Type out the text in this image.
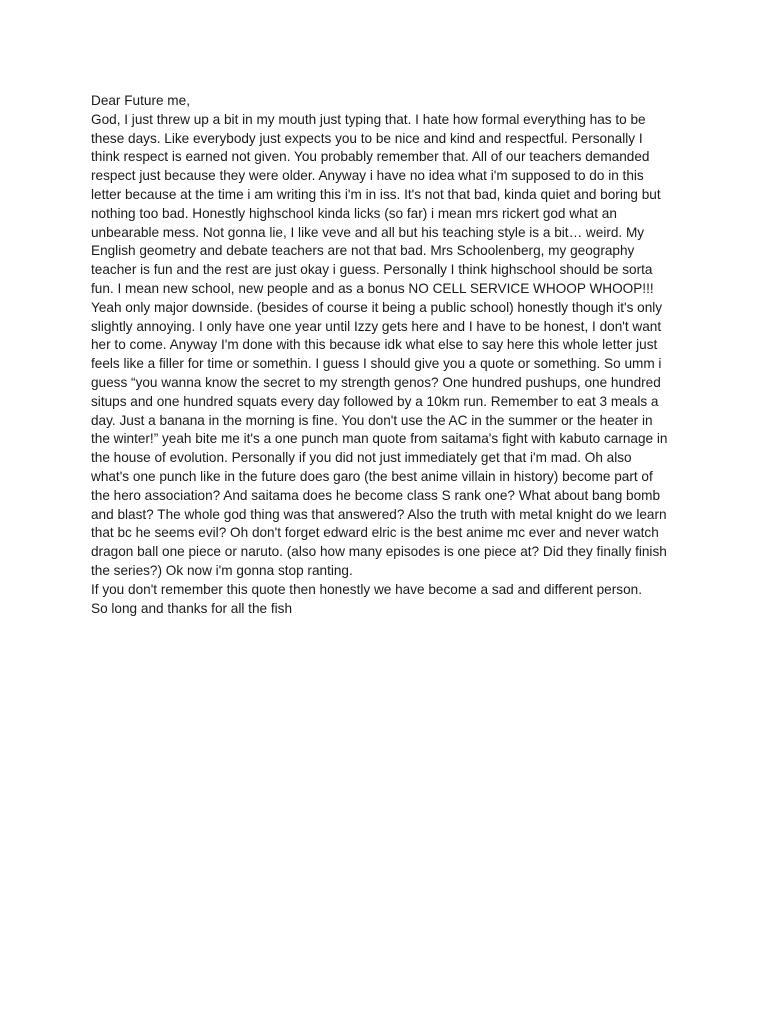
Dear Future me,

God, I just threw up a bit in my mouth just typing that. I hate how formal everything has to be

these days. Like everybody just expects you to be nice and kind and respectful. Personally I

think respect is earned not given. You probably remember that. All of our teachers demanded

respect just because they were older. Anyway i have no idea what i'm supposed to do in this

letter because at the time i am writing this i'm in iss. It's not that bad, kinda quiet and boring but

nothing too bad. Honestly highschool kinda licks (so far) i mean mrs rickert god what an

unbearable mess. Not gonna lie, I like veve and all but his teaching style is a bit… weird. My

English geometry and debate teachers are not that bad. Mrs Schoolenberg, my geography

teacher is fun and the rest are just okay i guess. Personally I think highschool should be sorta

fun. I mean new school, new people and as a bonus NO CELL SERVICE WHOOP WHOOP!!!

Yeah only major downside. (besides of course it being a public school) honestly though it's only

slightly annoying. I only have one year until Izzy gets here and I have to be honest, I don't want

her to come. Anyway I'm done with this because idk what else to say here this whole letter just

feels like a filler for time or somethin. I guess I should give you a quote or something. So umm i

guess “you wanna know the secret to my strength genos? One hundred pushups, one hundred

situps and one hundred squats every day followed by a 10km run. Remember to eat 3 meals a

day. Just a banana in the morning is fine. You don't use the AC in the summer or the heater in

the winter!” yeah bite me it's a one punch man quote from saitama's fight with kabuto carnage in

the house of evolution. Personally if you did not just immediately get that i'm mad. Oh also

what's one punch like in the future does garo (the best anime villain in history) become part of

the hero association? And saitama does he become class S rank one? What about bang bomb

and blast? The whole god thing was that answered? Also the truth with metal knight do we learn

that bc he seems evil? Oh don't forget edward elric is the best anime mc ever and never watch

dragon ball one piece or naruto. (also how many episodes is one piece at? Did they finally finish

the series?) Ok now i'm gonna stop ranting.

If you don't remember this quote then honestly we have become a sad and different person.

So long and thanks for all the fish
